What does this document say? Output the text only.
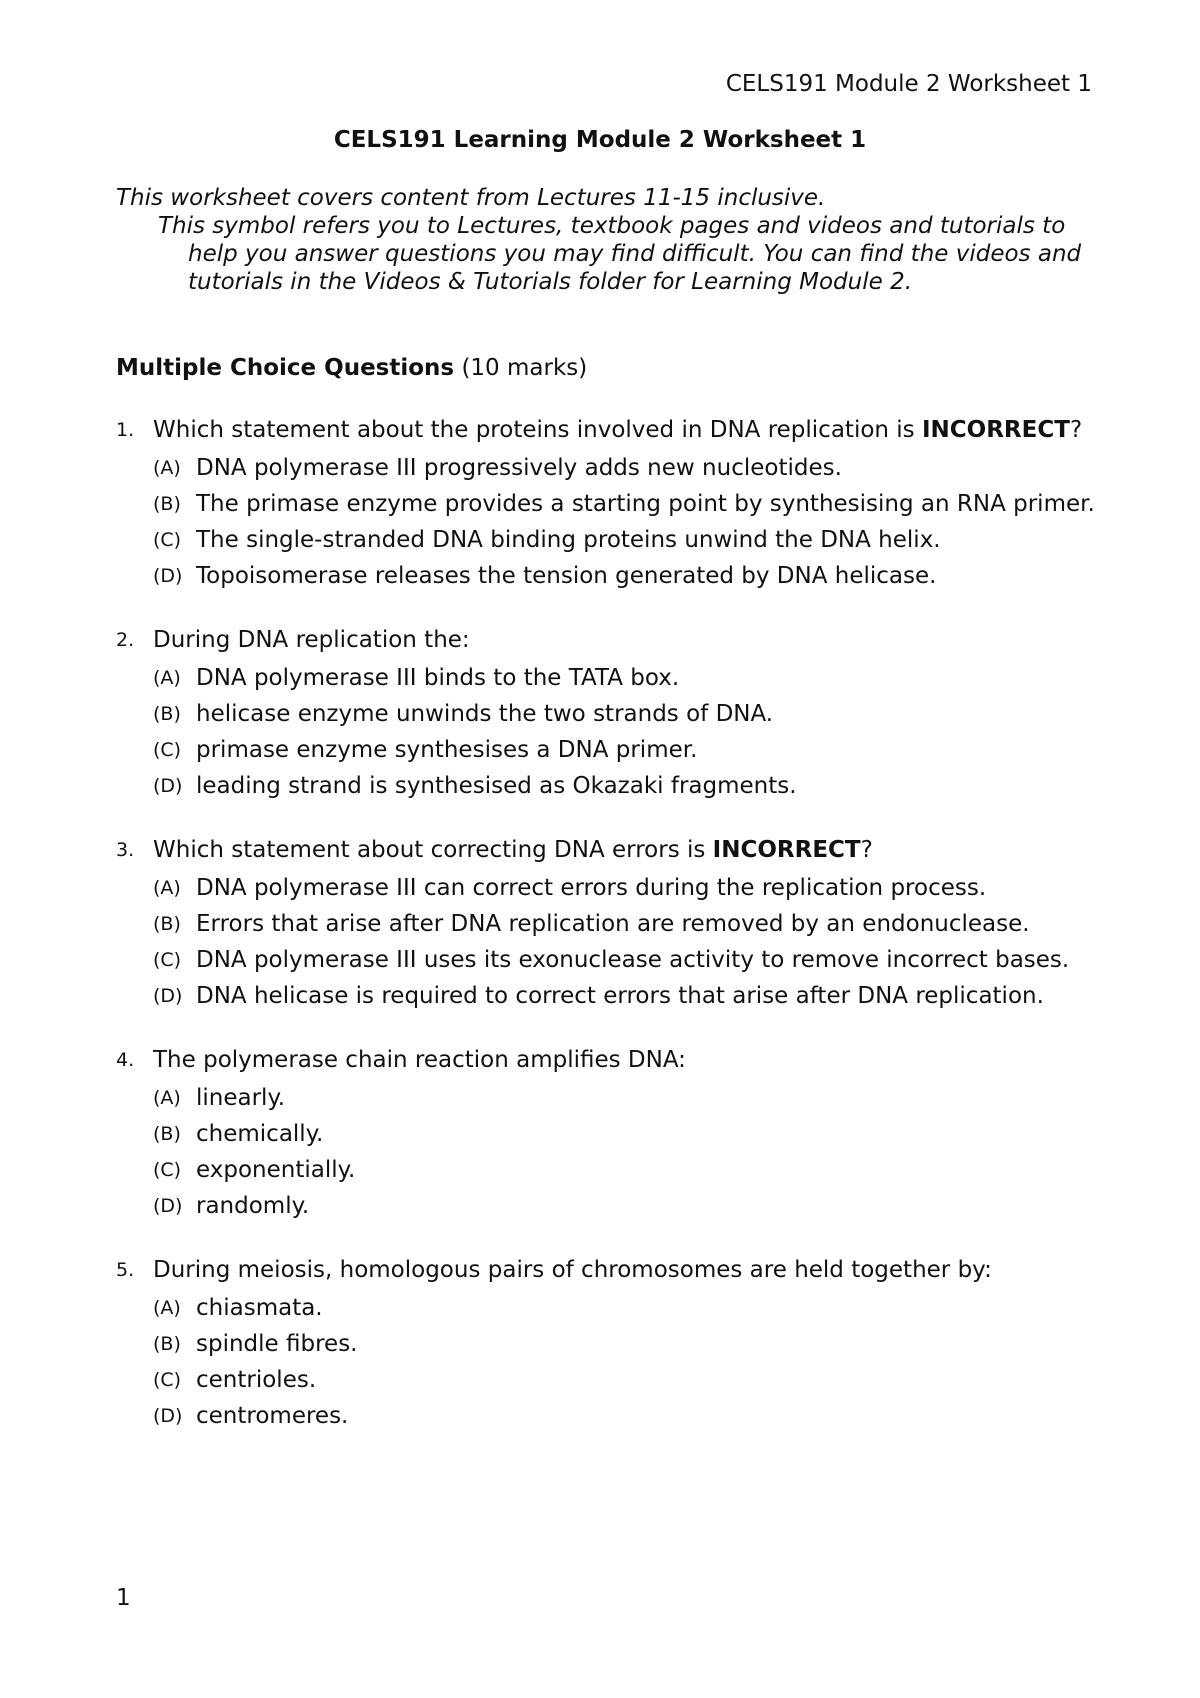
CELS191 Module 2 Worksheet 1
CELS191 Learning Module 2 Worksheet 1

This worksheet covers content from Lectures 11-15 inclusive.

This symbol refers you to Lectures, textbook pages and videos and tutorials to help you answer questions you may find difficult. You can find the videos and tutorials in the Videos & Tutorials folder for Learning Module 2.

Multiple Choice Questions (10 marks)
1. Which statement about the proteins involved in DNA replication is INCORRECT?
(A) DNA polymerase III progressively adds new nucleotides.
(B) The primase enzyme provides a starting point by synthesising an RNA primer.
(C) The single-stranded DNA binding proteins unwind the DNA helix.
(D) Topoisomerase releases the tension generated by DNA helicase.
2. During DNA replication the:
(A) DNA polymerase III binds to the TATA box.
(B) helicase enzyme unwinds the two strands of DNA.
(C) primase enzyme synthesises a DNA primer.
(D) leading strand is synthesised as Okazaki fragments.
3. Which statement about correcting DNA errors is INCORRECT?
(A) DNA polymerase III can correct errors during the replication process.
(B) Errors that arise after DNA replication are removed by an endonuclease.
(C) DNA polymerase III uses its exonuclease activity to remove incorrect bases.
(D) DNA helicase is required to correct errors that arise after DNA replication.
4. The polymerase chain reaction amplifies DNA:
(A) linearly.
(B) chemically.
(C) exponentially.
(D) randomly.
5. During meiosis, homologous pairs of chromosomes are held together by:
(A) chiasmata.
(B) spindle fibres.
(C) centrioles.
(D) centromeres.
1
